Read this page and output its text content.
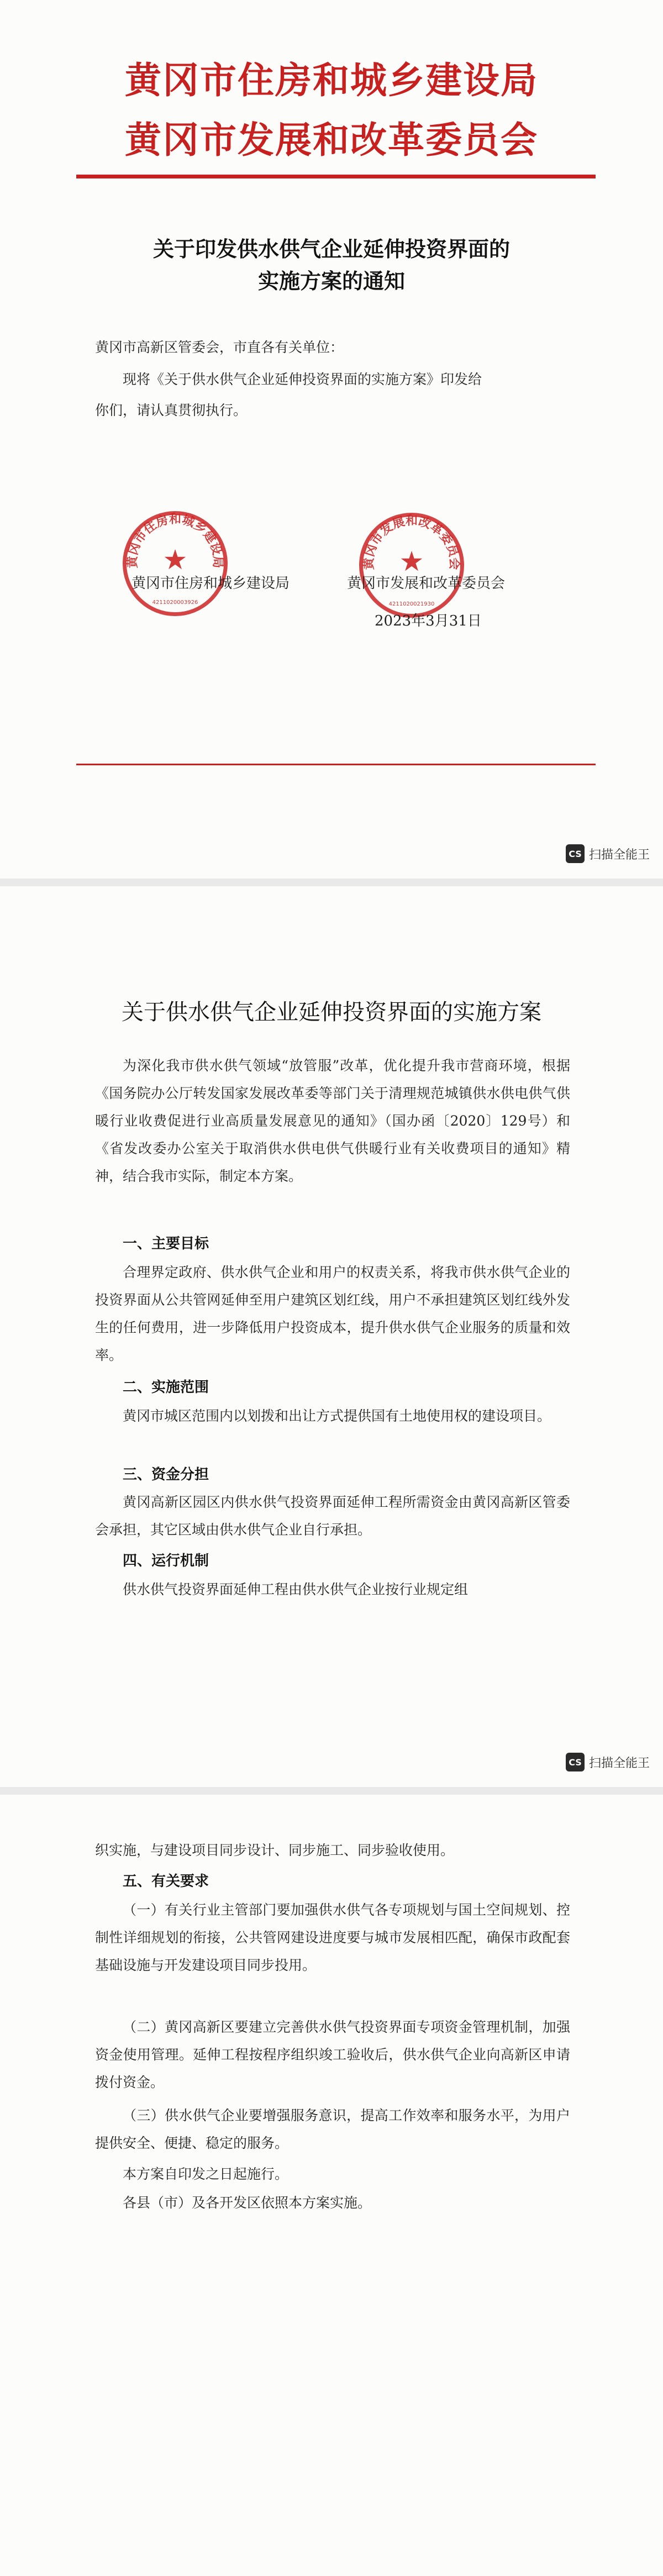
黄冈市住房和城乡建设局
黄冈市发展和改革委员会
关于印发供水供气企业延伸投资界面的
实施方案的通知
黄冈市高新区管委会，市直各有关单位：
现将《关于供水供气企业延伸投资界面的实施方案》印发给
你们，请认真贯彻执行。
黄冈市住房和城乡建设局
4211020003926
★	黄冈市发展和改革委员会
4211020021930
★
黄冈市住房和城乡建设局	黄冈市发展和改革委员会
2023年3月31日
CS 扫描全能王
关于供水供气企业延伸投资界面的实施方案
为深化我市供水供气领域“放管服”改革，优化提升我市营商环境，根据《国务院办公厅转发国家发展改革委等部门关于清理规范城镇供水供电供气供暖行业收费促进行业高质量发展意见的通知》（国办函〔2020〕129号）和《省发改委办公室关于取消供水供电供气供暖行业有关收费项目的通知》精神，结合我市实际，制定本方案。
一、主要目标
合理界定政府、供水供气企业和用户的权责关系，将我市供水供气企业的投资界面从公共管网延伸至用户建筑区划红线，用户不承担建筑区划红线外发生的任何费用，进一步降低用户投资成本，提升供水供气企业服务的质量和效率。
二、实施范围
黄冈市城区范围内以划拨和出让方式提供国有土地使用权的建设项目。
三、资金分担
黄冈高新区园区内供水供气投资界面延伸工程所需资金由黄冈高新区管委会承担，其它区域由供水供气企业自行承担。
四、运行机制
供水供气投资界面延伸工程由供水供气企业按行业规定组
CS 扫描全能王
织实施，与建设项目同步设计、同步施工、同步验收使用。
五、有关要求
（一）有关行业主管部门要加强供水供气各专项规划与国土空间规划、控制性详细规划的衔接，公共管网建设进度要与城市发展相匹配，确保市政配套基础设施与开发建设项目同步投用。
（二）黄冈高新区要建立完善供水供气投资界面专项资金管理机制，加强资金使用管理。延伸工程按程序组织竣工验收后，供水供气企业向高新区申请拨付资金。
（三）供水供气企业要增强服务意识，提高工作效率和服务水平，为用户提供安全、便捷、稳定的服务。
本方案自印发之日起施行。
各县（市）及各开发区依照本方案实施。
